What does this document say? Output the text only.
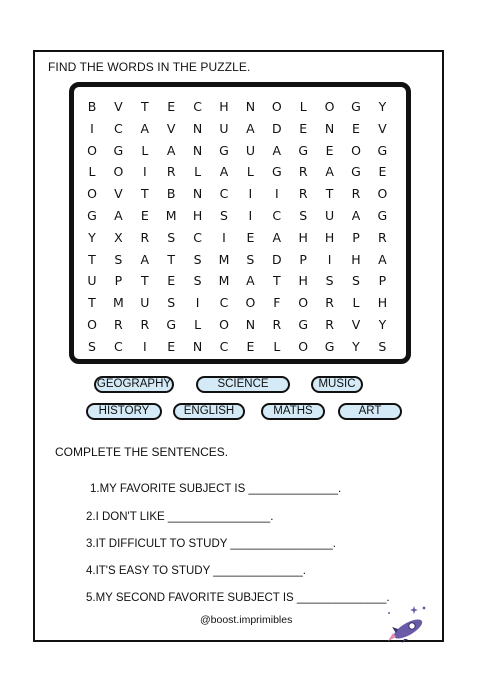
FIND THE WORDS IN THE PUZZLE.
B	V	T	E	C	H	N	O	L	O	G	Y
I	C	A	V	N	U	A	D	E	N	E	V
O	G	L	A	N	G	U	A	G	E	O	G
L	O	I	R	L	A	L	G	R	A	G	E
O	V	T	B	N	C	I	I	R	T	R	O
G	A	E	M	H	S	I	C	S	U	A	G
Y	X	R	S	C	I	E	A	H	H	P	R
T	S	A	T	S	M	S	D	P	I	H	A
U	P	T	E	S	M	A	T	H	S	S	P
T	M	U	S	I	C	O	F	O	R	L	H
O	R	R	G	L	O	N	R	G	R	V	Y
S	C	I	E	N	C	E	L	O	G	Y	S
GEOGRAPHY	SCIENCE	MUSIC
HISTORY	ENGLISH	MATHS	ART
COMPLETE THE SENTENCES.
1.MY FAVORITE SUBJECT IS ______________.
2.I DON'T LIKE ________________.
3.IT DIFFICULT TO STUDY ________________.
4.IT'S EASY TO STUDY ______________.
5.MY SECOND FAVORITE SUBJECT IS ______________.
@boost.imprimibles
